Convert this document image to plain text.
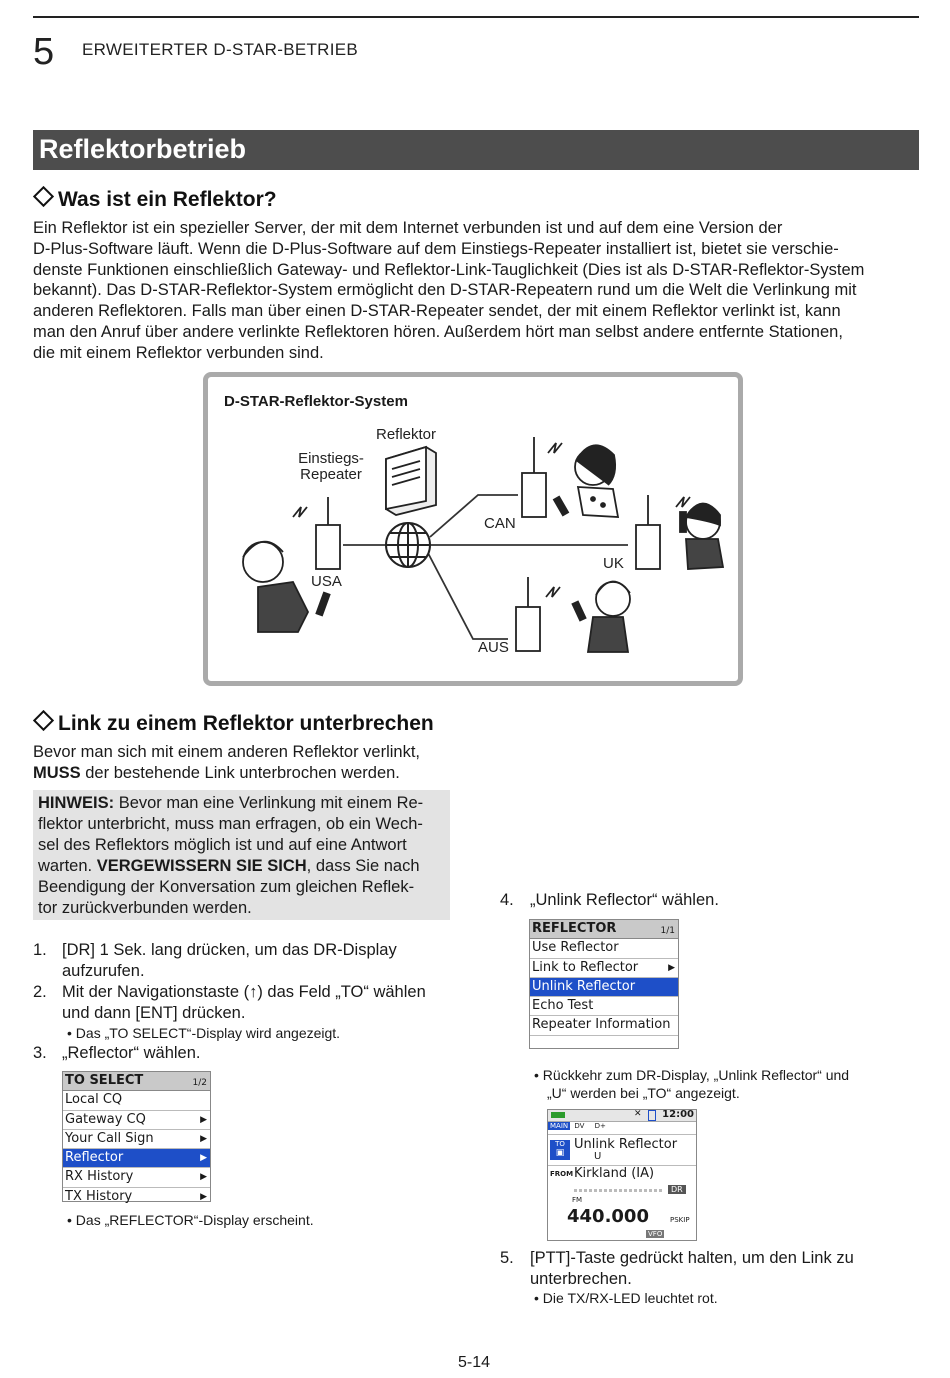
5 ERWEITERTER D-STAR-BETRIEB
Reflektorbetrieb
Was ist ein Reflektor?
Ein Reflektor ist ein spezieller Server, der mit dem Internet verbunden ist und auf dem eine Version der
D-Plus-Software läuft. Wenn die D-Plus-Software auf dem Einstiegs-Repeater installiert ist, bietet sie verschie-
denste Funktionen einschließlich Gateway- und Reflektor-Link-Tauglichkeit (Dies ist als D-STAR-Reflektor-System
bekannt). Das D-STAR-Reflektor-System ermöglicht den D-STAR-Repeatern rund um die Welt die Verlinkung mit
anderen Reflektoren. Falls man über einen D-STAR-Repeater sendet, der mit einem Reflektor verlinkt ist, kann
man den Anruf über andere verlinkte Reflektoren hören. Außerdem hört man selbst andere entfernte Stationen,
die mit einem Reflektor verbunden sind.
D-STAR-Reflektor-System
Reflektor
Einstiegs-
Repeater
USA
CAN
UK
AUS
Link zu einem Reflektor unterbrechen
Bevor man sich mit einem anderen Reflektor verlinkt,
MUSS der bestehende Link unterbrochen werden.
HINWEIS: Bevor man eine Verlinkung mit einem Re-
flektor unterbricht, muss man erfragen, ob ein Wech-
sel des Reflektors möglich ist und auf eine Antwort
warten. VERGEWISSERN SIE SICH, dass Sie nach
Beendigung der Konversation zum gleichen Reflek-
tor zurückverbunden werden.
1. [DR] 1 Sek. lang drücken, um das DR-Display
aufzurufen.
2. Mit der Navigationstaste (↑) das Feld „TO“ wählen
und dann [ENT] drücken.
• Das „TO SELECT“-Display wird angezeigt.
3. „Reflector“ wählen.
TO SELECT	1/2
Local CQ
Gateway CQ	▶
Your Call Sign	▶
Reflector	▶
RX History	▶
TX History	▶
• Das „REFLECTOR“-Display erscheint.
4. „Unlink Reflector“ wählen.
REFLECTOR	1/1
Use Reflector
Link to Reflector	▶
Unlink Reflector
Echo Test
Repeater Information
• Rückkehr zum DR-Display, „Unlink Reflector“ und
„U“ werden bei „TO“ angezeigt.
✕ 12:00
MAIN DV D+
TO
▣
Unlink Reflector
U
FROM Kirkland (IA)
DR
FM
440.000	PSKIP
VFO
5. [PTT]-Taste gedrückt halten, um den Link zu
unterbrechen.
• Die TX/RX-LED leuchtet rot.
5-14
